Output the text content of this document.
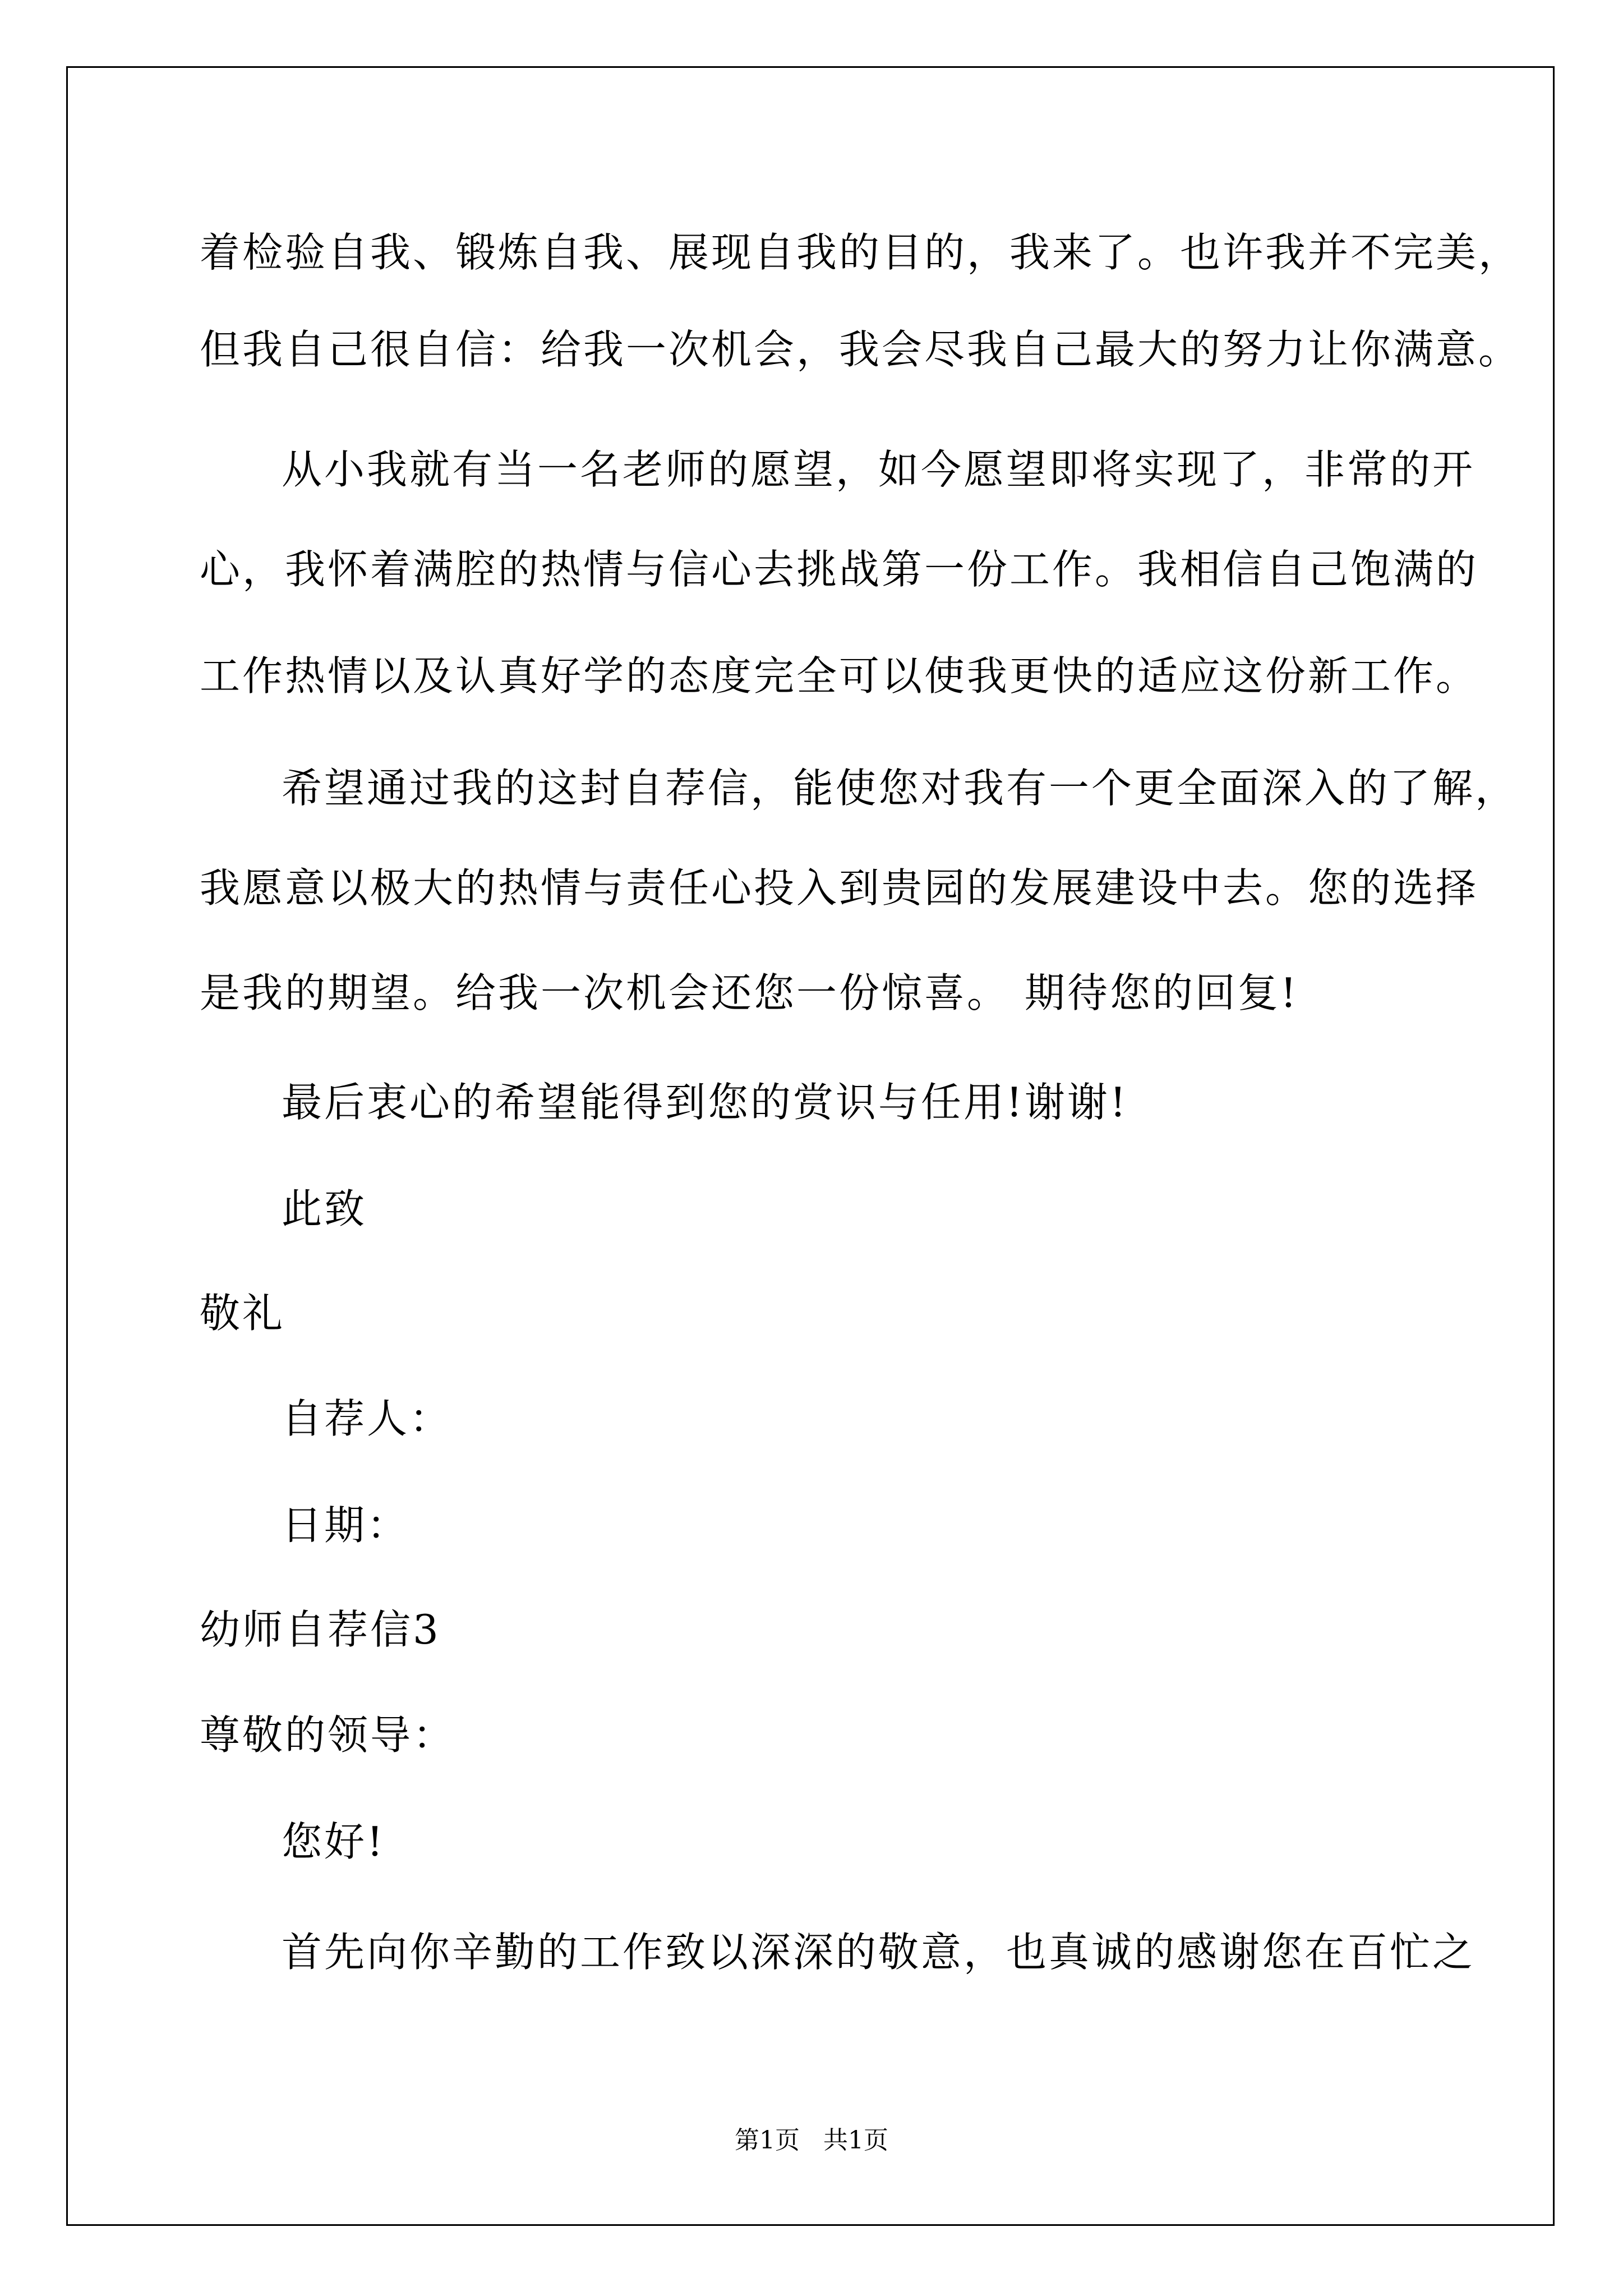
着检验自我、锻炼自我、展现自我的目的，我来了。也许我并不完美，
但我自己很自信：给我一次机会，我会尽我自己最大的努力让你满意。
从小我就有当一名老师的愿望，如今愿望即将实现了，非常的开
心，我怀着满腔的热情与信心去挑战第一份工作。我相信自己饱满的
工作热情以及认真好学的态度完全可以使我更快的适应这份新工作。
希望通过我的这封自荐信，能使您对我有一个更全面深入的了解，
我愿意以极大的热情与责任心投入到贵园的发展建设中去。您的选择
是我的期望。给我一次机会还您一份惊喜。 期待您的回复!
最后衷心的希望能得到您的赏识与任用!谢谢!
此致
敬礼
自荐人：
日期：
幼师自荐信3
尊敬的领导：
您好!
首先向你辛勤的工作致以深深的敬意，也真诚的感谢您在百忙之
第1页   共1页
